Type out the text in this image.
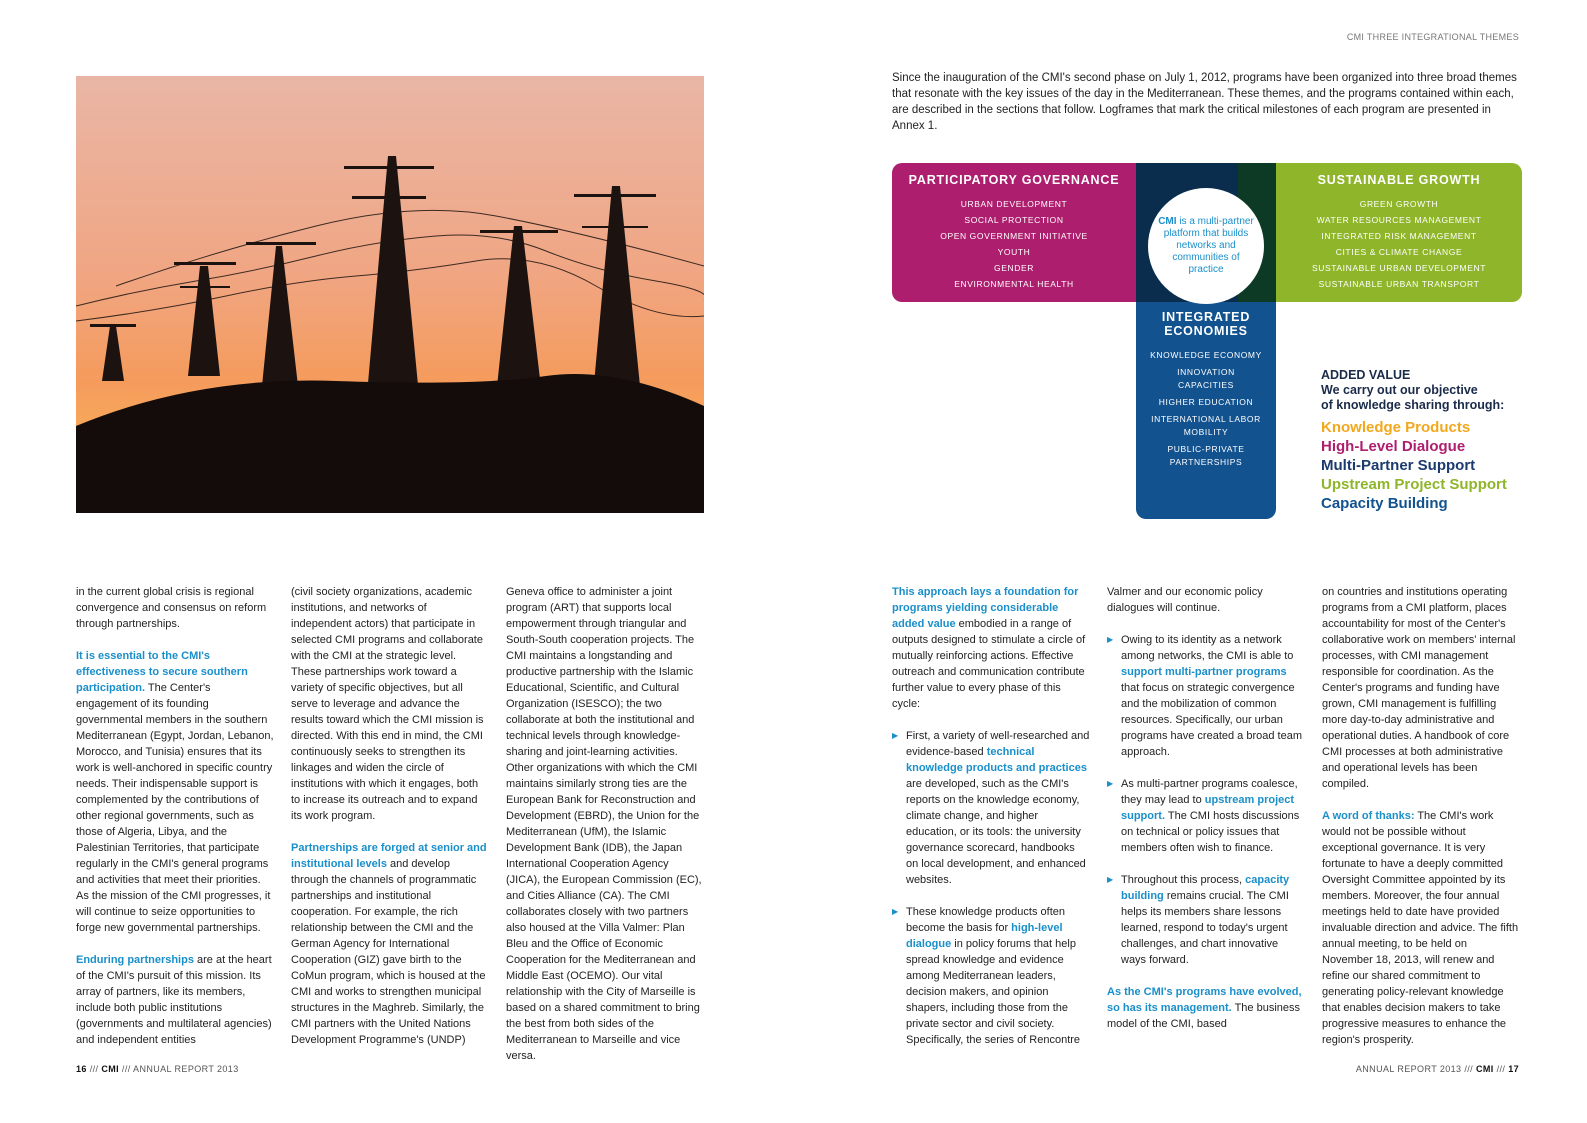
CMI THREE INTEGRATIONAL THEMES

Since the inauguration of the CMI's second phase on July 1, 2012, programs have been organized into three broad themes that resonate with the key issues of the day in the Mediterranean. These themes, and the programs contained within each, are described in the sections that follow. Logframes that mark the critical milestones of each program are presented in Annex 1.

PARTICIPATORY GOVERNANCE
URBAN DEVELOPMENT
SOCIAL PROTECTION
OPEN GOVERNMENT INITIATIVE
YOUTH
GENDER
ENVIRONMENTAL HEALTH
SUSTAINABLE GROWTH
GREEN GROWTH
WATER RESOURCES MANAGEMENT
INTEGRATED RISK MANAGEMENT
CITIES & CLIMATE CHANGE
SUSTAINABLE URBAN DEVELOPMENT
SUSTAINABLE URBAN TRANSPORT
INTEGRATED
ECONOMIES
KNOWLEDGE ECONOMY
INNOVATION CAPACITIES
HIGHER EDUCATION
INTERNATIONAL LABOR MOBILITY
PUBLIC-PRIVATE PARTNERSHIPS
CMI is a multi-partner platform that builds networks and communities of practice
ADDED VALUE

We carry out our objective

of knowledge sharing through:

Knowledge Products
High-Level Dialogue
Multi-Partner Support
Upstream Project Support
Capacity Building

in the current global crisis is regional convergence and consensus on reform through partnerships.

It is essential to the CMI's effectiveness to secure southern participation. The Center's engagement of its founding governmental members in the southern Mediterranean (Egypt, Jordan, Lebanon, Morocco, and Tunisia) ensures that its work is well-anchored in specific country needs. Their indispensable support is complemented by the contributions of other regional governments, such as those of Algeria, Libya, and the Palestinian Territories, that participate regularly in the CMI's general programs and activities that meet their priorities. As the mission of the CMI progresses, it will continue to seize opportunities to forge new governmental partnerships.

Enduring partnerships are at the heart of the CMI's pursuit of this mission. Its array of partners, like its members, include both public institutions (governments and multilateral agencies) and independent entities

(civil society organizations, academic institutions, and networks of independent actors) that participate in selected CMI programs and collaborate with the CMI at the strategic level. These partnerships work toward a variety of specific objectives, but all serve to leverage and advance the results toward which the CMI mission is directed. With this end in mind, the CMI continuously seeks to strengthen its linkages and widen the circle of institutions with which it engages, both to increase its outreach and to expand its work program.

Partnerships are forged at senior and institutional levels and develop through the channels of programmatic partnerships and institutional cooperation. For example, the rich relationship between the CMI and the German Agency for International Cooperation (GIZ) gave birth to the CoMun program, which is housed at the CMI and works to strengthen municipal structures in the Maghreb. Similarly, the CMI partners with the United Nations Development Programme's (UNDP)

Geneva office to administer a joint program (ART) that supports local empowerment through triangular and South-South cooperation projects. The CMI maintains a longstanding and productive partnership with the Islamic Educational, Scientific, and Cultural Organization (ISESCO); the two collaborate at both the institutional and technical levels through knowledge-sharing and joint-learning activities. Other organizations with which the CMI maintains similarly strong ties are the European Bank for Reconstruction and Development (EBRD), the Union for the Mediterranean (UfM), the Islamic Development Bank (IDB), the Japan International Cooperation Agency (JICA), the European Commission (EC), and Cities Alliance (CA). The CMI collaborates closely with two partners also housed at the Villa Valmer: Plan Bleu and the Office of Economic Cooperation for the Mediterranean and Middle East (OCEMO). Our vital relationship with the City of Marseille is based on a shared commitment to bring the best from both sides of the Mediterranean to Marseille and vice versa.

This approach lays a foundation for programs yielding considerable added value embodied in a range of outputs designed to stimulate a circle of mutually reinforcing actions. Effective outreach and communication contribute further value to every phase of this cycle:

▶ First, a variety of well-researched and evidence-based technical knowledge products and practices are developed, such as the CMI's reports on the knowledge economy, climate change, and higher education, or its tools: the university governance scorecard, handbooks on local development, and enhanced websites.
▶ These knowledge products often become the basis for high-level dialogue in policy forums that help spread knowledge and evidence among Mediterranean leaders, decision makers, and opinion shapers, including those from the private sector and civil society. Specifically, the series of Rencontre

Valmer and our economic policy dialogues will continue.

▶ Owing to its identity as a network among networks, the CMI is able to support multi-partner programs that focus on strategic convergence and the mobilization of common resources. Specifically, our urban programs have created a broad team approach.
▶ As multi-partner programs coalesce, they may lead to upstream project support. The CMI hosts discussions on technical or policy issues that members often wish to finance.
▶ Throughout this process, capacity building remains crucial. The CMI helps its members share lessons learned, respond to today's urgent challenges, and chart innovative ways forward.

As the CMI's programs have evolved, so has its management. The business model of the CMI, based

on countries and institutions operating programs from a CMI platform, places accountability for most of the Center's collaborative work on members' internal processes, with CMI management responsible for coordination. As the Center's programs and funding have grown, CMI management is fulfilling more day-to-day administrative and operational duties. A handbook of core CMI processes at both administrative and operational levels has been compiled.

A word of thanks: The CMI's work would not be possible without exceptional governance. It is very fortunate to have a deeply committed Oversight Committee appointed by its members. Moreover, the four annual meetings held to date have provided invaluable direction and advice. The fifth annual meeting, to be held on November 18, 2013, will renew and refine our shared commitment to generating policy-relevant knowledge that enables decision makers to take progressive measures to enhance the region's prosperity.

16 /// CMI /// ANNUAL REPORT 2013	ANNUAL REPORT 2013 /// CMI /// 17
